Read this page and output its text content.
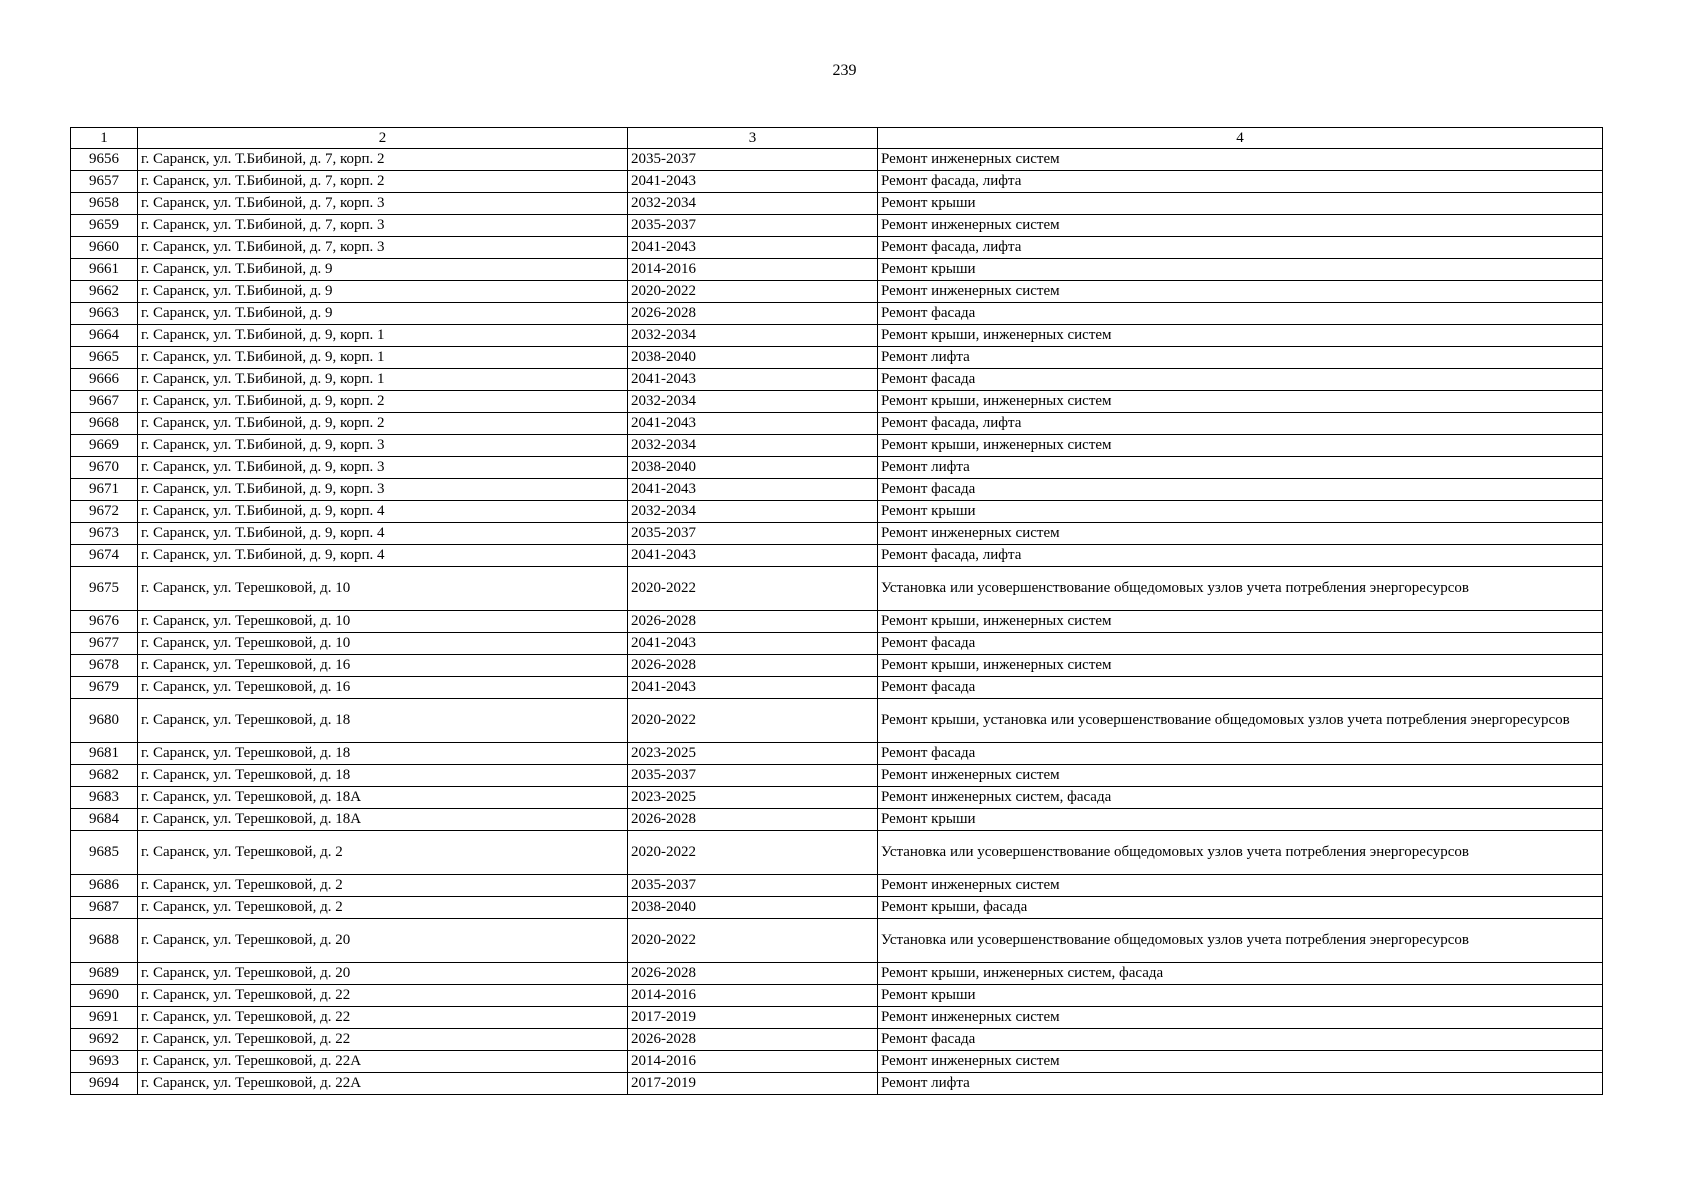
239
1	2	3	4
9656	г. Саранск, ул. Т.Бибиной, д. 7, корп. 2	2035-2037	Ремонт инженерных систем
9657	г. Саранск, ул. Т.Бибиной, д. 7, корп. 2	2041-2043	Ремонт фасада, лифта
9658	г. Саранск, ул. Т.Бибиной, д. 7, корп. 3	2032-2034	Ремонт крыши
9659	г. Саранск, ул. Т.Бибиной, д. 7, корп. 3	2035-2037	Ремонт инженерных систем
9660	г. Саранск, ул. Т.Бибиной, д. 7, корп. 3	2041-2043	Ремонт фасада, лифта
9661	г. Саранск, ул. Т.Бибиной, д. 9	2014-2016	Ремонт крыши
9662	г. Саранск, ул. Т.Бибиной, д. 9	2020-2022	Ремонт инженерных систем
9663	г. Саранск, ул. Т.Бибиной, д. 9	2026-2028	Ремонт фасада
9664	г. Саранск, ул. Т.Бибиной, д. 9, корп. 1	2032-2034	Ремонт крыши, инженерных систем
9665	г. Саранск, ул. Т.Бибиной, д. 9, корп. 1	2038-2040	Ремонт лифта
9666	г. Саранск, ул. Т.Бибиной, д. 9, корп. 1	2041-2043	Ремонт фасада
9667	г. Саранск, ул. Т.Бибиной, д. 9, корп. 2	2032-2034	Ремонт крыши, инженерных систем
9668	г. Саранск, ул. Т.Бибиной, д. 9, корп. 2	2041-2043	Ремонт фасада, лифта
9669	г. Саранск, ул. Т.Бибиной, д. 9, корп. 3	2032-2034	Ремонт крыши, инженерных систем
9670	г. Саранск, ул. Т.Бибиной, д. 9, корп. 3	2038-2040	Ремонт лифта
9671	г. Саранск, ул. Т.Бибиной, д. 9, корп. 3	2041-2043	Ремонт фасада
9672	г. Саранск, ул. Т.Бибиной, д. 9, корп. 4	2032-2034	Ремонт крыши
9673	г. Саранск, ул. Т.Бибиной, д. 9, корп. 4	2035-2037	Ремонт инженерных систем
9674	г. Саранск, ул. Т.Бибиной, д. 9, корп. 4	2041-2043	Ремонт фасада, лифта
9675	г. Саранск, ул. Терешковой, д. 10	2020-2022	Установка или усовершенствование общедомовых узлов учета потребления энергоресурсов
9676	г. Саранск, ул. Терешковой, д. 10	2026-2028	Ремонт крыши, инженерных систем
9677	г. Саранск, ул. Терешковой, д. 10	2041-2043	Ремонт фасада
9678	г. Саранск, ул. Терешковой, д. 16	2026-2028	Ремонт крыши, инженерных систем
9679	г. Саранск, ул. Терешковой, д. 16	2041-2043	Ремонт фасада
9680	г. Саранск, ул. Терешковой, д. 18	2020-2022	Ремонт крыши, установка или усовершенствование общедомовых узлов учета потребления энергоресурсов
9681	г. Саранск, ул. Терешковой, д. 18	2023-2025	Ремонт фасада
9682	г. Саранск, ул. Терешковой, д. 18	2035-2037	Ремонт инженерных систем
9683	г. Саранск, ул. Терешковой, д. 18А	2023-2025	Ремонт инженерных систем, фасада
9684	г. Саранск, ул. Терешковой, д. 18А	2026-2028	Ремонт крыши
9685	г. Саранск, ул. Терешковой, д. 2	2020-2022	Установка или усовершенствование общедомовых узлов учета потребления энергоресурсов
9686	г. Саранск, ул. Терешковой, д. 2	2035-2037	Ремонт инженерных систем
9687	г. Саранск, ул. Терешковой, д. 2	2038-2040	Ремонт крыши, фасада
9688	г. Саранск, ул. Терешковой, д. 20	2020-2022	Установка или усовершенствование общедомовых узлов учета потребления энергоресурсов
9689	г. Саранск, ул. Терешковой, д. 20	2026-2028	Ремонт крыши, инженерных систем, фасада
9690	г. Саранск, ул. Терешковой, д. 22	2014-2016	Ремонт крыши
9691	г. Саранск, ул. Терешковой, д. 22	2017-2019	Ремонт инженерных систем
9692	г. Саранск, ул. Терешковой, д. 22	2026-2028	Ремонт фасада
9693	г. Саранск, ул. Терешковой, д. 22А	2014-2016	Ремонт инженерных систем
9694	г. Саранск, ул. Терешковой, д. 22А	2017-2019	Ремонт лифта
